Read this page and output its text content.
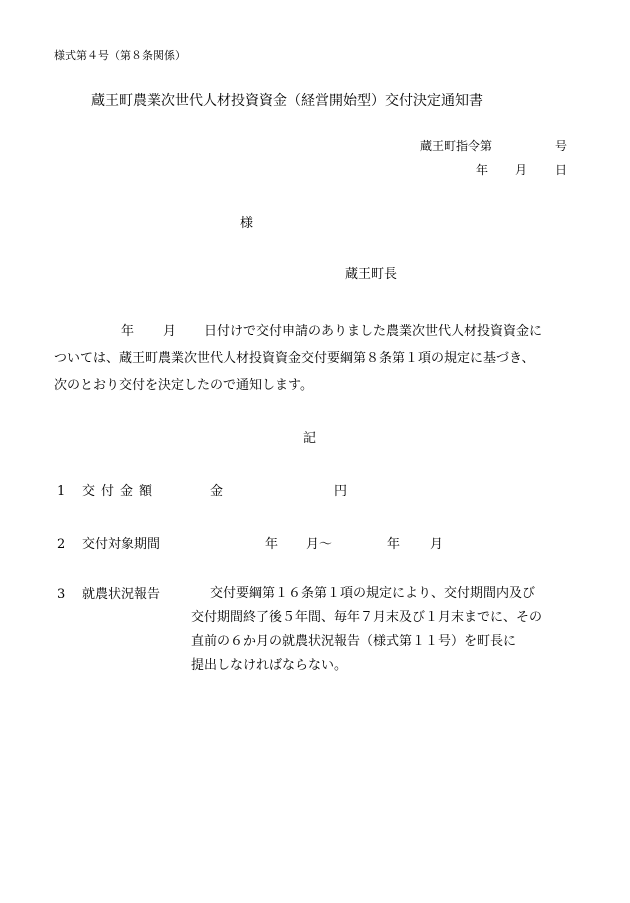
様式第４号（第８条関係）
蔵王町農業次世代人材投資資金（経営開始型）交付決定通知書
蔵王町指令第	号
年 月 日
様
蔵王町長
年 月 日付けで交付申請のありました農業次世代人材投資資金に
ついては、蔵王町農業次世代人材投資資金交付要綱第８条第１項の規定に基づき、
次のとおり交付を決定したので通知します。
記
1 交付金額	金	円
2 交付対象期間	年 月～	年 月
3 就農状況報告	交付要綱第１６条第１項の規定により、交付期間内及び
交付期間終了後５年間、毎年７月末及び１月末までに、その
直前の６か月の就農状況報告（様式第１１号）を町長に
提出しなければならない。
